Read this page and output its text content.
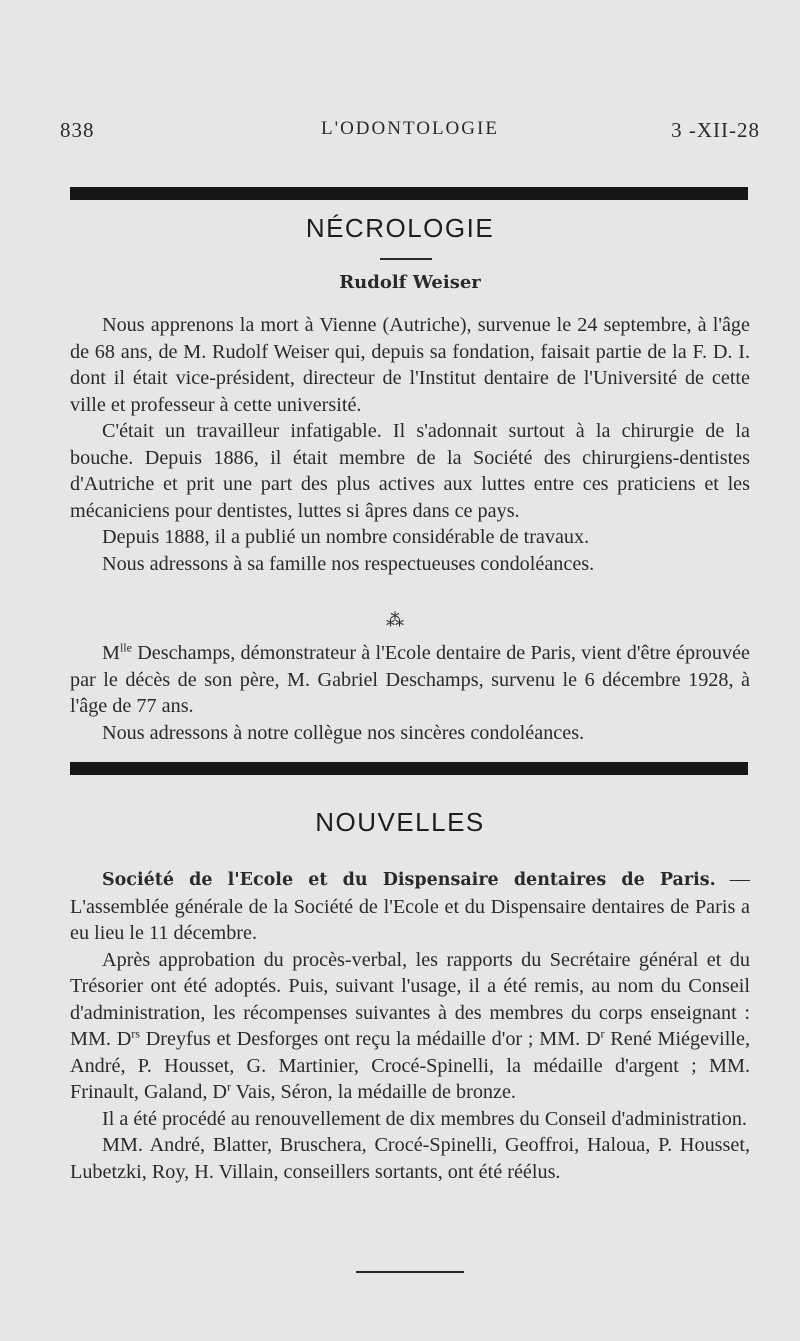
838	L'ODONTOLOGIE	3 -XII-28
NÉCROLOGIE
Rudolf Weiser

Nous apprenons la mort à Vienne (Autriche), survenue le 24 septembre, à l'âge de 68 ans, de M. Rudolf Weiser qui, depuis sa fondation, faisait partie de la F. D. I. dont il était vice-président, directeur de l'Institut dentaire de l'Université de cette ville et professeur à cette université.

C'était un travailleur infatigable. Il s'adonnait surtout à la chirurgie de la bouche. Depuis 1886, il était membre de la Société des chirurgiens-dentistes d'Autriche et prit une part des plus actives aux luttes entre ces praticiens et les mécaniciens pour dentistes, luttes si âpres dans ce pays.

Depuis 1888, il a publié un nombre considérable de travaux.

Nous adressons à sa famille nos respectueuses condoléances.

⁂

$M^{lle}$ Deschamps, démonstrateur à l'Ecole dentaire de Paris, vient d'être éprouvée par le décès de son père, M. Gabriel Deschamps, survenu le 6 décembre 1928, à l'âge de 77 ans.

Nous adressons à notre collègue nos sincères condoléances.

NOUVELLES

Société de l'Ecole et du Dispensaire dentaires de Paris. — L'assemblée générale de la Société de l'Ecole et du Dispensaire dentaires de Paris a eu lieu le 11 décembre.

Après approbation du procès-verbal, les rapports du Secrétaire général et du Trésorier ont été adoptés. Puis, suivant l'usage, il a été remis, au nom du Conseil d'administration, les récompenses suivantes à des membres du corps enseignant : MM. $D^{rs}$ Dreyfus et Desforges ont reçu la médaille d'or ; MM. $D^r$ René Miégeville, André, P. Housset, G. Martinier, Crocé-Spinelli, la médaille d'argent ; MM. Frinault, Galand, $D^r$ Vais, Séron, la médaille de bronze.

Il a été procédé au renouvellement de dix membres du Conseil d'administration.

MM. André, Blatter, Bruschera, Crocé-Spinelli, Geoffroi, Haloua, P. Housset, Lubetzki, Roy, H. Villain, conseillers sortants, ont été réélus.
